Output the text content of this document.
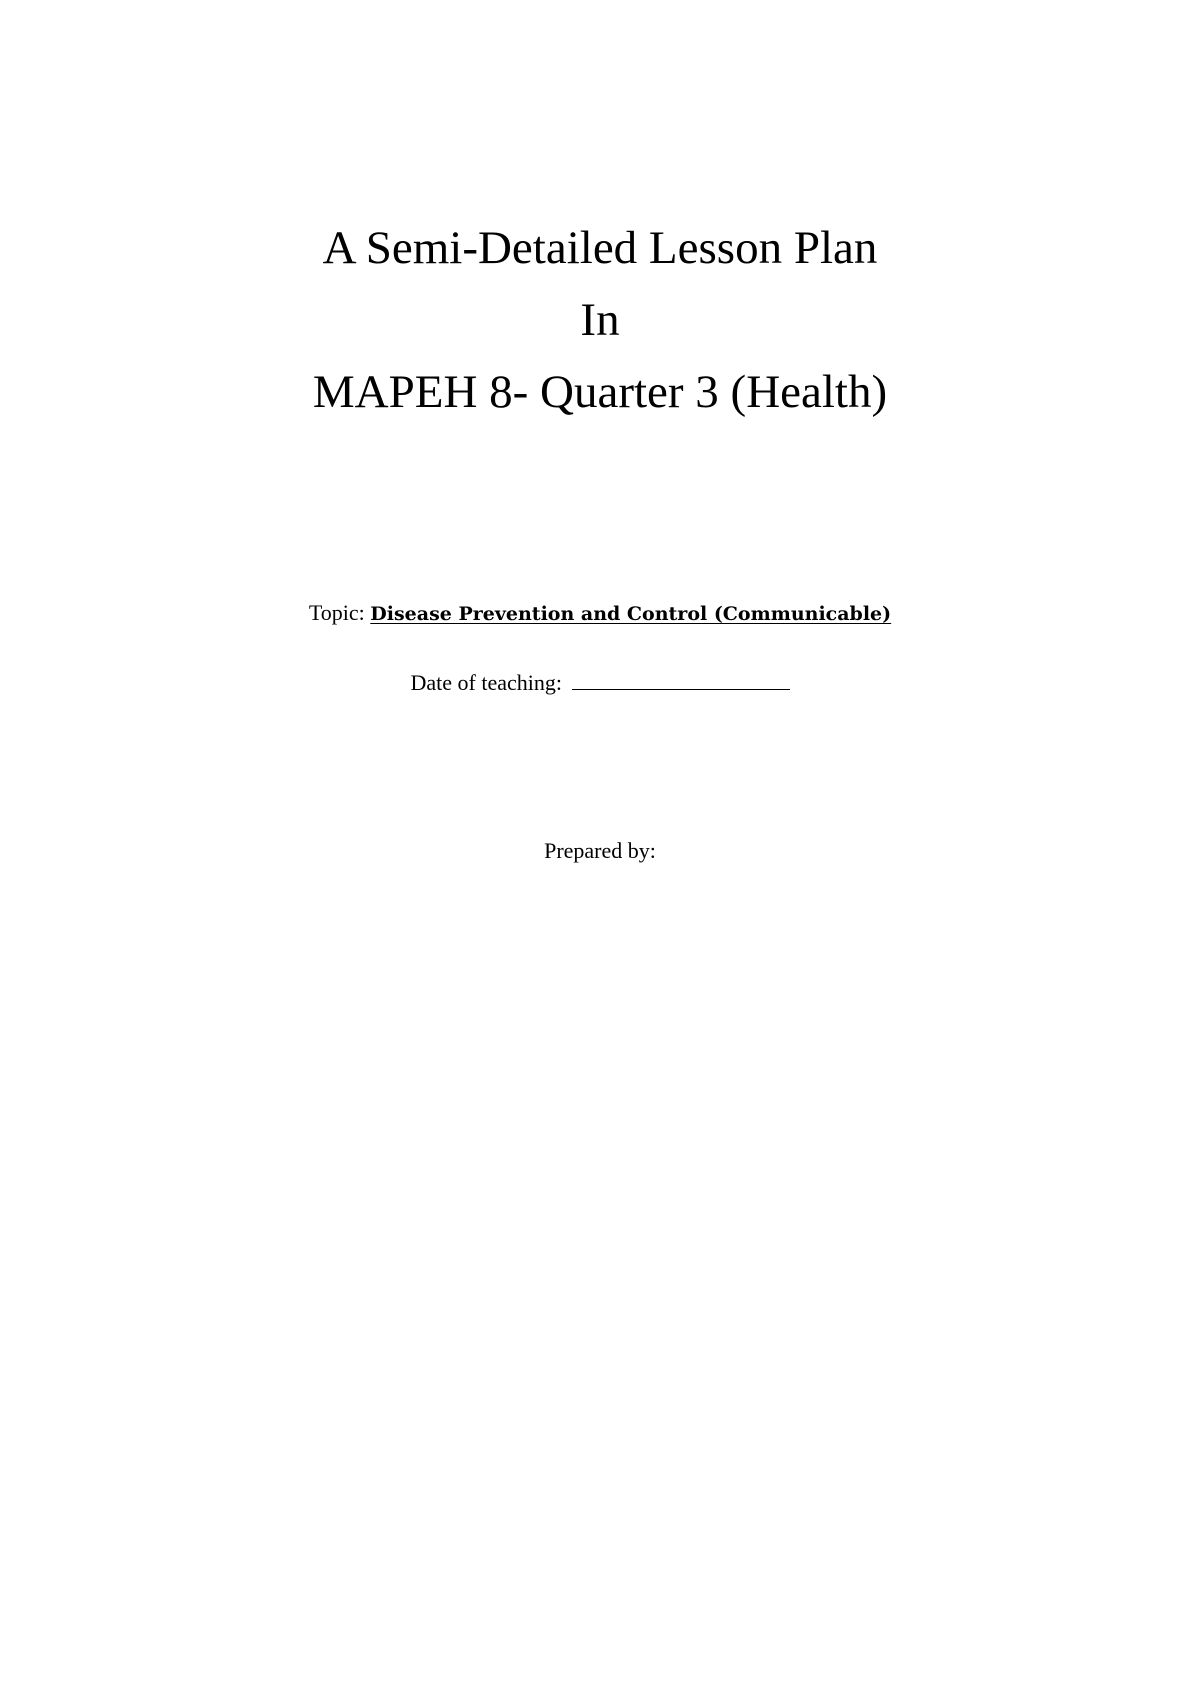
A Semi-Detailed Lesson Plan

In

MAPEH 8- Quarter 3 (Health)

Topic: Disease Prevention and Control (Communicable)
Date of teaching:
Prepared by:
